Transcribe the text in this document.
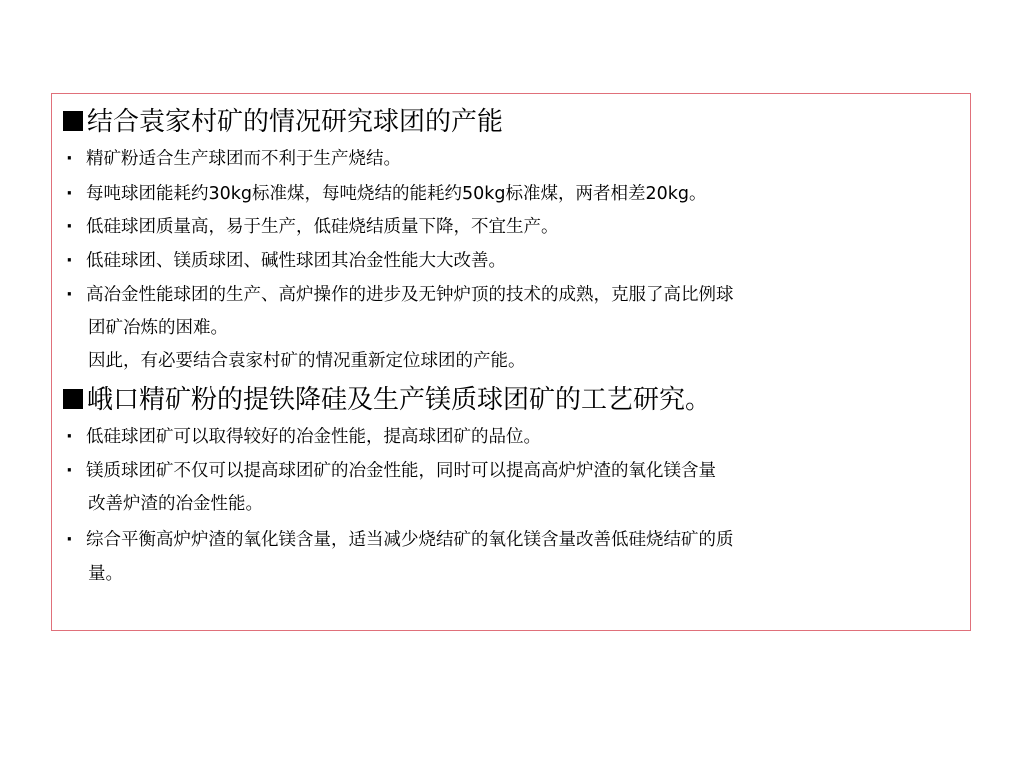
结合袁家村矿的情况研究球团的产能
· 精矿粉适合生产球团而不利于生产烧结。
· 每吨球团能耗约30kg标准煤，每吨烧结的能耗约50kg标准煤，两者相差20kg。
· 低硅球团质量高，易于生产，低硅烧结质量下降，不宜生产。
· 低硅球团、镁质球团、碱性球团其冶金性能大大改善。
· 高冶金性能球团的生产、高炉操作的进步及无钟炉顶的技术的成熟，克服了高比例球
团矿冶炼的困难。
因此，有必要结合袁家村矿的情况重新定位球团的产能。
峨口精矿粉的提铁降硅及生产镁质球团矿的工艺研究。
· 低硅球团矿可以取得较好的冶金性能，提高球团矿的品位。
· 镁质球团矿不仅可以提高球团矿的冶金性能，同时可以提高高炉炉渣的氧化镁含量
改善炉渣的冶金性能。
· 综合平衡高炉炉渣的氧化镁含量，适当减少烧结矿的氧化镁含量改善低硅烧结矿的质
量。
